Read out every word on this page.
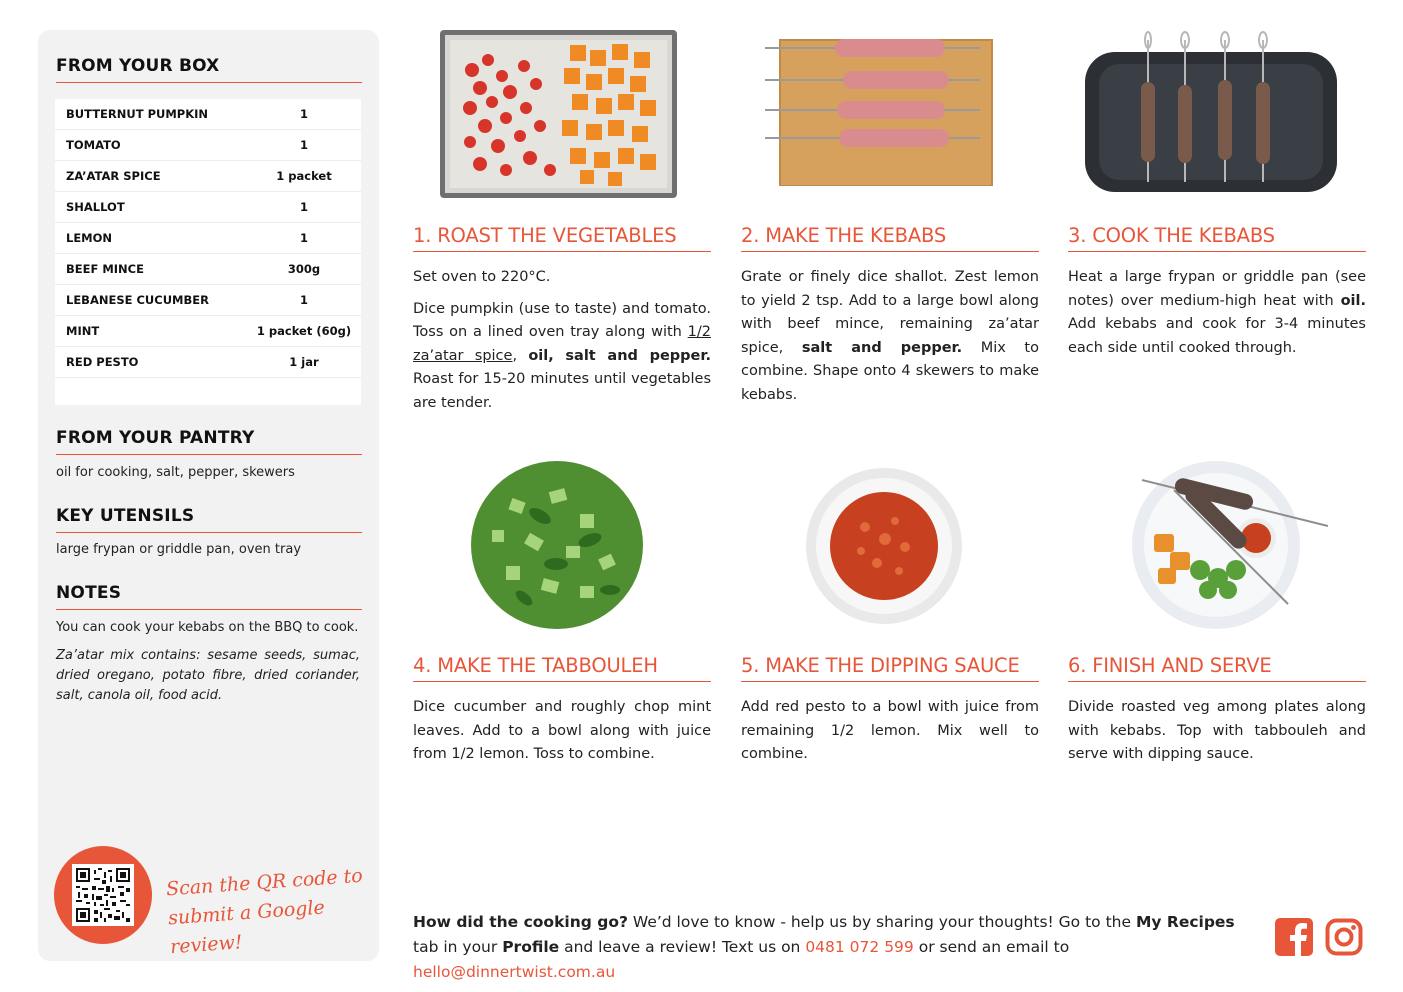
FROM YOUR BOX
BUTTERNUT PUMPKIN	1
TOMATO	1
ZA’ATAR SPICE	1 packet
SHALLOT	1
LEMON	1
BEEF MINCE	300g
LEBANESE CUCUMBER	1
MINT	1 packet (60g)
RED PESTO	1 jar
FROM YOUR PANTRY
oil for cooking, salt, pepper, skewers
KEY UTENSILS
large frypan or griddle pan, oven tray
NOTES
You can cook your kebabs on the BBQ to cook.
Za’atar mix contains: sesame seeds, sumac, dried oregano, potato fibre, dried coriander, salt, canola oil, food acid.
Scan the QR code to
submit a Google review!
1. ROAST THE VEGETABLES

Set oven to 220°C.

Dice pumpkin (use to taste) and tomato. Toss on a lined oven tray along with 1/2 za’atar spice, oil, salt and pepper. Roast for 15-20 minutes until vegetables are tender.

2. MAKE THE KEBABS

Grate or finely dice shallot. Zest lemon to yield 2 tsp. Add to a large bowl along with beef mince, remaining za’atar spice, salt and pepper. Mix to combine. Shape onto 4 skewers to make kebabs.

3. COOK THE KEBABS

Heat a large frypan or griddle pan (see notes) over medium-high heat with oil. Add kebabs and cook for 3-4 minutes each side until cooked through.

4. MAKE THE TABBOULEH
Dice cucumber and roughly chop mint leaves. Add to a bowl along with juice from 1/2 lemon. Toss to combine.
5. MAKE THE DIPPING SAUCE
Add red pesto to a bowl with juice from remaining 1/2 lemon. Mix well to combine.
6. FINISH AND SERVE
Divide roasted veg among plates along with kebabs. Top with tabbouleh and serve with dipping sauce.
How did the cooking go? We’d love to know - help us by sharing your thoughts! Go to the My Recipes tab in your Profile and leave a review! Text us on 0481 072 599 or send an email to hello@dinnertwist.com.au
